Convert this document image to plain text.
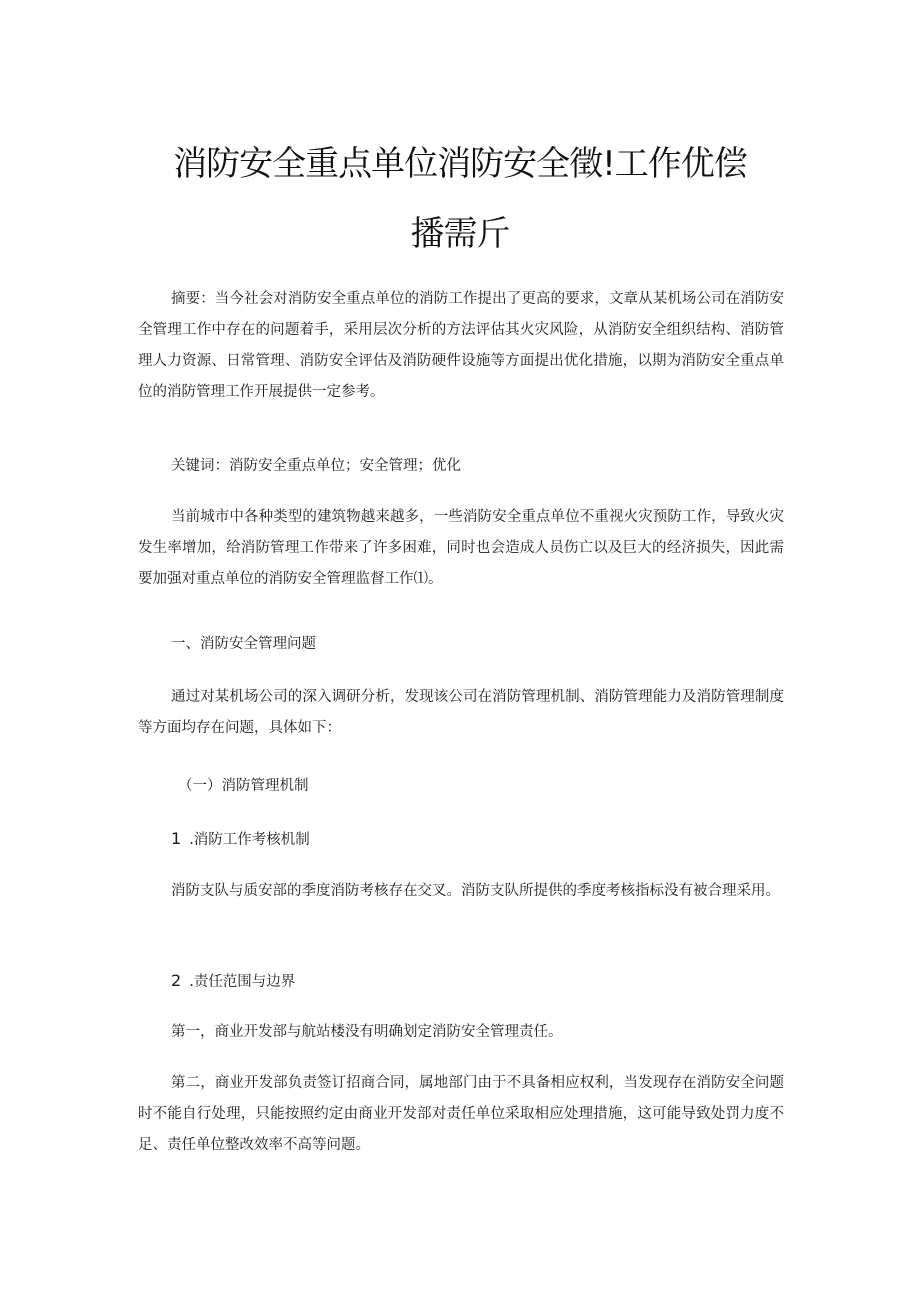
消防安全重点单位消防安全徵!工作优偿
播需斤

摘要：当今社会对消防安全重点单位的消防工作提出了更高的要求，文章从某机场公司在消防安全管理工作中存在的问题着手，采用层次分析的方法评估其火灾风险，从消防安全组织结构、消防管理人力资源、日常管理、消防安全评估及消防硬件设施等方面提出优化措施，以期为消防安全重点单位的消防管理工作开展提供一定参考。

关键词：消防安全重点单位；安全管理；优化

当前城市中各种类型的建筑物越来越多，一些消防安全重点单位不重视火灾预防工作，导致火灾发生率增加，给消防管理工作带来了许多困难，同时也会造成人员伤亡以及巨大的经济损失，因此需要加强对重点单位的消防安全管理监督工作⑴。

一、消防安全管理问题

通过对某机场公司的深入调研分析，发现该公司在消防管理机制、消防管理能力及消防管理制度等方面均存在问题，具体如下：

（一）消防管理机制

1 .消防工作考核机制

消防支队与质安部的季度消防考核存在交叉。消防支队所提供的季度考核指标没有被合理采用。

2 .责任范围与边界

第一，商业开发部与航站楼没有明确划定消防安全管理责任。

第二，商业开发部负责签订招商合同，属地部门由于不具备相应权利，当发现存在消防安全问题时不能自行处理，只能按照约定由商业开发部对责任单位采取相应处理措施，这可能导致处罚力度不足、责任单位整改效率不高等问题。
